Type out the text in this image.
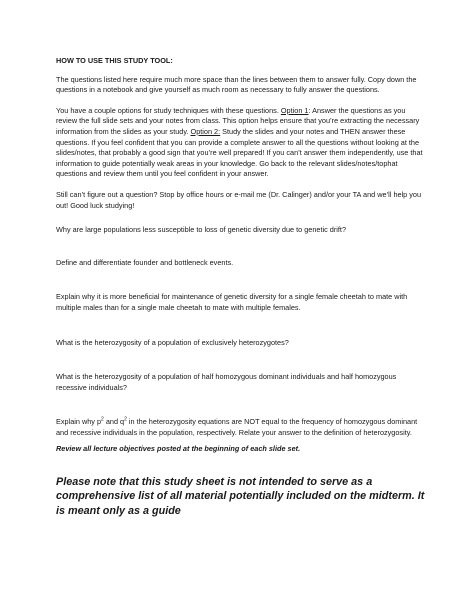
HOW TO USE THIS STUDY TOOL:

The questions listed here require much more space than the lines between them to answer fully. Copy down the questions in a notebook and give yourself as much room as necessary to fully answer the questions.

You have a couple options for study techniques with these questions. Option 1: Answer the questions as you review the full slide sets and your notes from class. This option helps ensure that you’re extracting the necessary information from the slides as your study. Option 2: Study the slides and your notes and THEN answer these questions. If you feel confident that you can provide a complete answer to all the questions without looking at the slides/notes, that probably a good sign that you’re well prepared! If you can’t answer them independently, use that information to guide potentially weak areas in your knowledge. Go back to the relevant slides/notes/tophat questions and review them until you feel confident in your answer.

Still can’t figure out a question? Stop by office hours or e-mail me (Dr. Calinger) and/or your TA and we’ll help you out! Good luck studying!

Why are large populations less susceptible to loss of genetic diversity due to genetic drift?

Define and differentiate founder and bottleneck events.

Explain why it is more beneficial for maintenance of genetic diversity for a single female cheetah to mate with multiple males than for a single male cheetah to mate with multiple females.

What is the heterozygosity of a population of exclusively heterozygotes?

What is the heterozygosity of a population of half homozygous dominant individuals and half homozygous recessive individuals?

Explain why $p^2$ and $q^2$ in the heterozygosity equations are NOT equal to the frequency of homozygous dominant and recessive individuals in the population, respectively. Relate your answer to the definition of heterozygosity.

Review all lecture objectives posted at the beginning of each slide set.

Please note that this study sheet is not intended to serve as a comprehensive list of all material potentially included on the midterm. It is meant only as a guide
